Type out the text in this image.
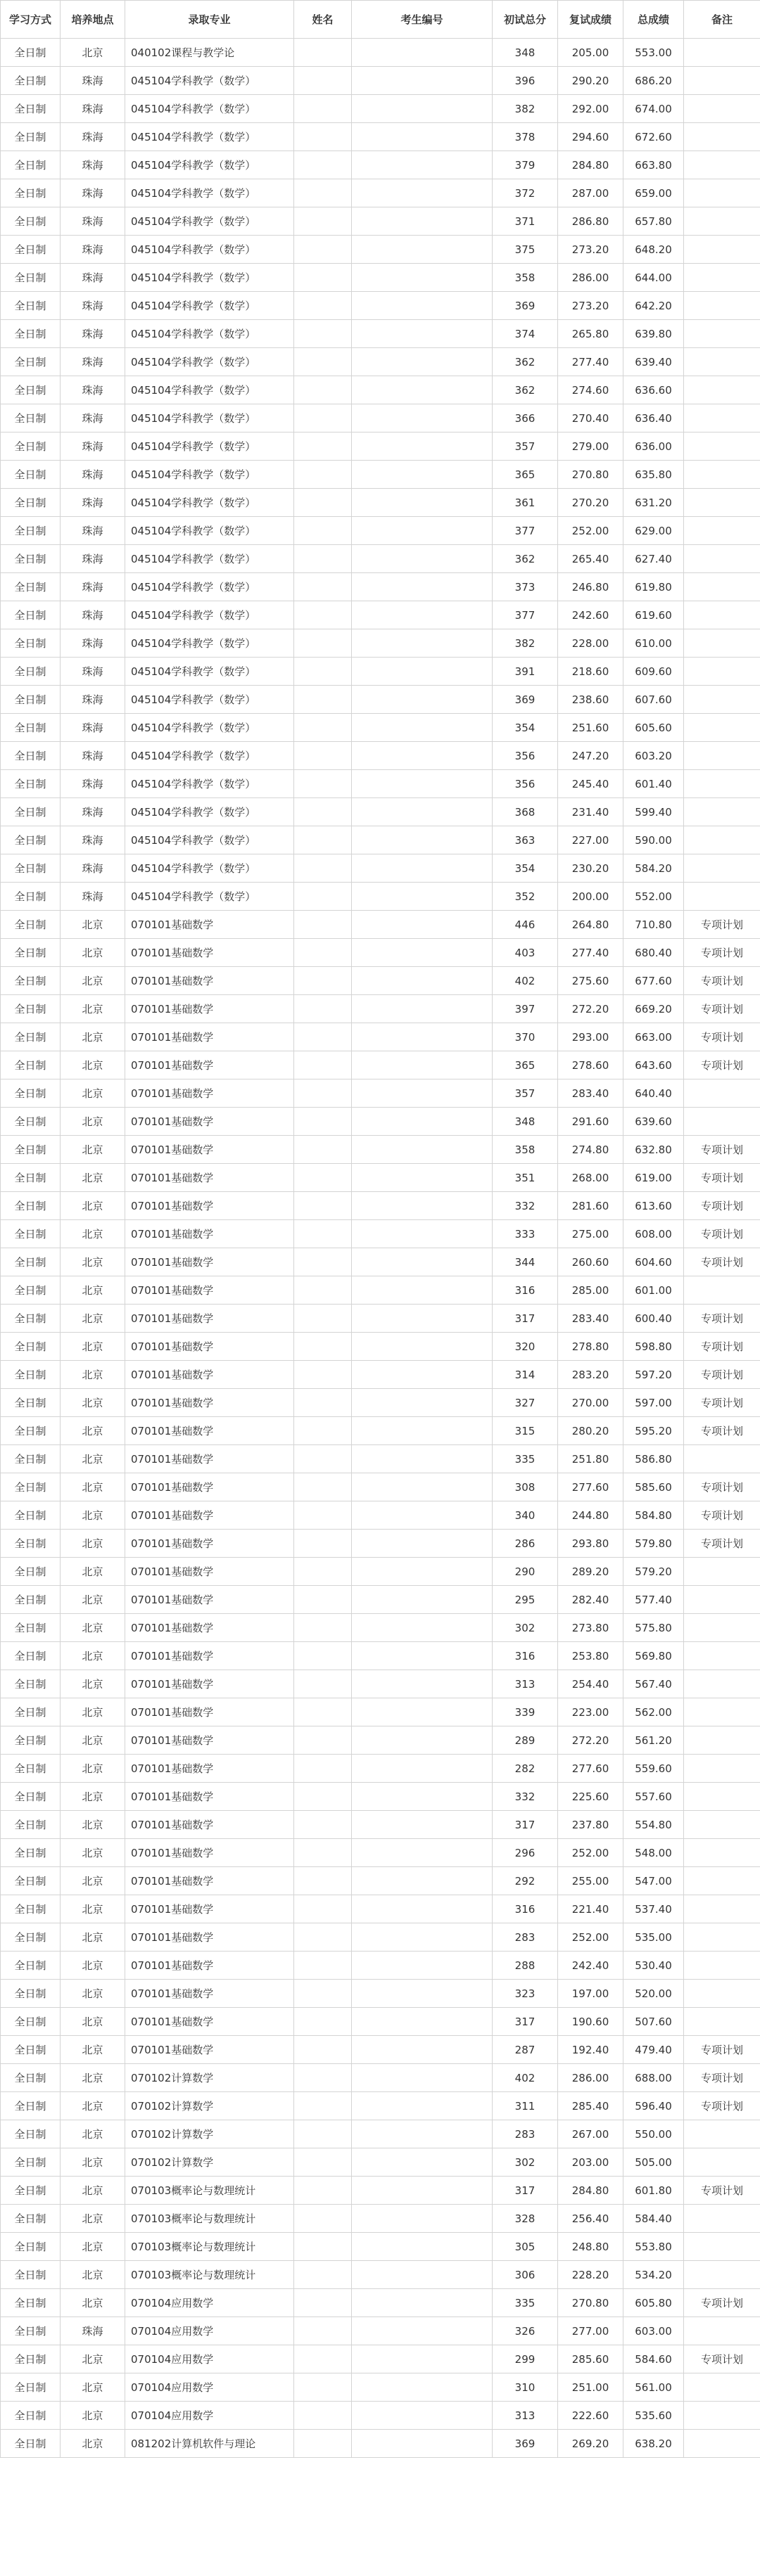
学习方式	培养地点	录取专业	姓名	考生编号	初试总分	复试成绩	总成绩	备注
全日制	北京	040102课程与教学论			348	205.00	553.00	
全日制	珠海	045104学科教学（数学）			396	290.20	686.20	
全日制	珠海	045104学科教学（数学）			382	292.00	674.00	
全日制	珠海	045104学科教学（数学）			378	294.60	672.60	
全日制	珠海	045104学科教学（数学）			379	284.80	663.80	
全日制	珠海	045104学科教学（数学）			372	287.00	659.00	
全日制	珠海	045104学科教学（数学）			371	286.80	657.80	
全日制	珠海	045104学科教学（数学）			375	273.20	648.20	
全日制	珠海	045104学科教学（数学）			358	286.00	644.00	
全日制	珠海	045104学科教学（数学）			369	273.20	642.20	
全日制	珠海	045104学科教学（数学）			374	265.80	639.80	
全日制	珠海	045104学科教学（数学）			362	277.40	639.40	
全日制	珠海	045104学科教学（数学）			362	274.60	636.60	
全日制	珠海	045104学科教学（数学）			366	270.40	636.40	
全日制	珠海	045104学科教学（数学）			357	279.00	636.00	
全日制	珠海	045104学科教学（数学）			365	270.80	635.80	
全日制	珠海	045104学科教学（数学）			361	270.20	631.20	
全日制	珠海	045104学科教学（数学）			377	252.00	629.00	
全日制	珠海	045104学科教学（数学）			362	265.40	627.40	
全日制	珠海	045104学科教学（数学）			373	246.80	619.80	
全日制	珠海	045104学科教学（数学）			377	242.60	619.60	
全日制	珠海	045104学科教学（数学）			382	228.00	610.00	
全日制	珠海	045104学科教学（数学）			391	218.60	609.60	
全日制	珠海	045104学科教学（数学）			369	238.60	607.60	
全日制	珠海	045104学科教学（数学）			354	251.60	605.60	
全日制	珠海	045104学科教学（数学）			356	247.20	603.20	
全日制	珠海	045104学科教学（数学）			356	245.40	601.40	
全日制	珠海	045104学科教学（数学）			368	231.40	599.40	
全日制	珠海	045104学科教学（数学）			363	227.00	590.00	
全日制	珠海	045104学科教学（数学）			354	230.20	584.20	
全日制	珠海	045104学科教学（数学）			352	200.00	552.00	
全日制	北京	070101基础数学			446	264.80	710.80	专项计划
全日制	北京	070101基础数学			403	277.40	680.40	专项计划
全日制	北京	070101基础数学			402	275.60	677.60	专项计划
全日制	北京	070101基础数学			397	272.20	669.20	专项计划
全日制	北京	070101基础数学			370	293.00	663.00	专项计划
全日制	北京	070101基础数学			365	278.60	643.60	专项计划
全日制	北京	070101基础数学			357	283.40	640.40	
全日制	北京	070101基础数学			348	291.60	639.60	
全日制	北京	070101基础数学			358	274.80	632.80	专项计划
全日制	北京	070101基础数学			351	268.00	619.00	专项计划
全日制	北京	070101基础数学			332	281.60	613.60	专项计划
全日制	北京	070101基础数学			333	275.00	608.00	专项计划
全日制	北京	070101基础数学			344	260.60	604.60	专项计划
全日制	北京	070101基础数学			316	285.00	601.00	
全日制	北京	070101基础数学			317	283.40	600.40	专项计划
全日制	北京	070101基础数学			320	278.80	598.80	专项计划
全日制	北京	070101基础数学			314	283.20	597.20	专项计划
全日制	北京	070101基础数学			327	270.00	597.00	专项计划
全日制	北京	070101基础数学			315	280.20	595.20	专项计划
全日制	北京	070101基础数学			335	251.80	586.80	
全日制	北京	070101基础数学			308	277.60	585.60	专项计划
全日制	北京	070101基础数学			340	244.80	584.80	专项计划
全日制	北京	070101基础数学			286	293.80	579.80	专项计划
全日制	北京	070101基础数学			290	289.20	579.20	
全日制	北京	070101基础数学			295	282.40	577.40	
全日制	北京	070101基础数学			302	273.80	575.80	
全日制	北京	070101基础数学			316	253.80	569.80	
全日制	北京	070101基础数学			313	254.40	567.40	
全日制	北京	070101基础数学			339	223.00	562.00	
全日制	北京	070101基础数学			289	272.20	561.20	
全日制	北京	070101基础数学			282	277.60	559.60	
全日制	北京	070101基础数学			332	225.60	557.60	
全日制	北京	070101基础数学			317	237.80	554.80	
全日制	北京	070101基础数学			296	252.00	548.00	
全日制	北京	070101基础数学			292	255.00	547.00	
全日制	北京	070101基础数学			316	221.40	537.40	
全日制	北京	070101基础数学			283	252.00	535.00	
全日制	北京	070101基础数学			288	242.40	530.40	
全日制	北京	070101基础数学			323	197.00	520.00	
全日制	北京	070101基础数学			317	190.60	507.60	
全日制	北京	070101基础数学			287	192.40	479.40	专项计划
全日制	北京	070102计算数学			402	286.00	688.00	专项计划
全日制	北京	070102计算数学			311	285.40	596.40	专项计划
全日制	北京	070102计算数学			283	267.00	550.00	
全日制	北京	070102计算数学			302	203.00	505.00	
全日制	北京	070103概率论与数理统计			317	284.80	601.80	专项计划
全日制	北京	070103概率论与数理统计			328	256.40	584.40	
全日制	北京	070103概率论与数理统计			305	248.80	553.80	
全日制	北京	070103概率论与数理统计			306	228.20	534.20	
全日制	北京	070104应用数学			335	270.80	605.80	专项计划
全日制	珠海	070104应用数学			326	277.00	603.00	
全日制	北京	070104应用数学			299	285.60	584.60	专项计划
全日制	北京	070104应用数学			310	251.00	561.00	
全日制	北京	070104应用数学			313	222.60	535.60	
全日制	北京	081202计算机软件与理论			369	269.20	638.20	
